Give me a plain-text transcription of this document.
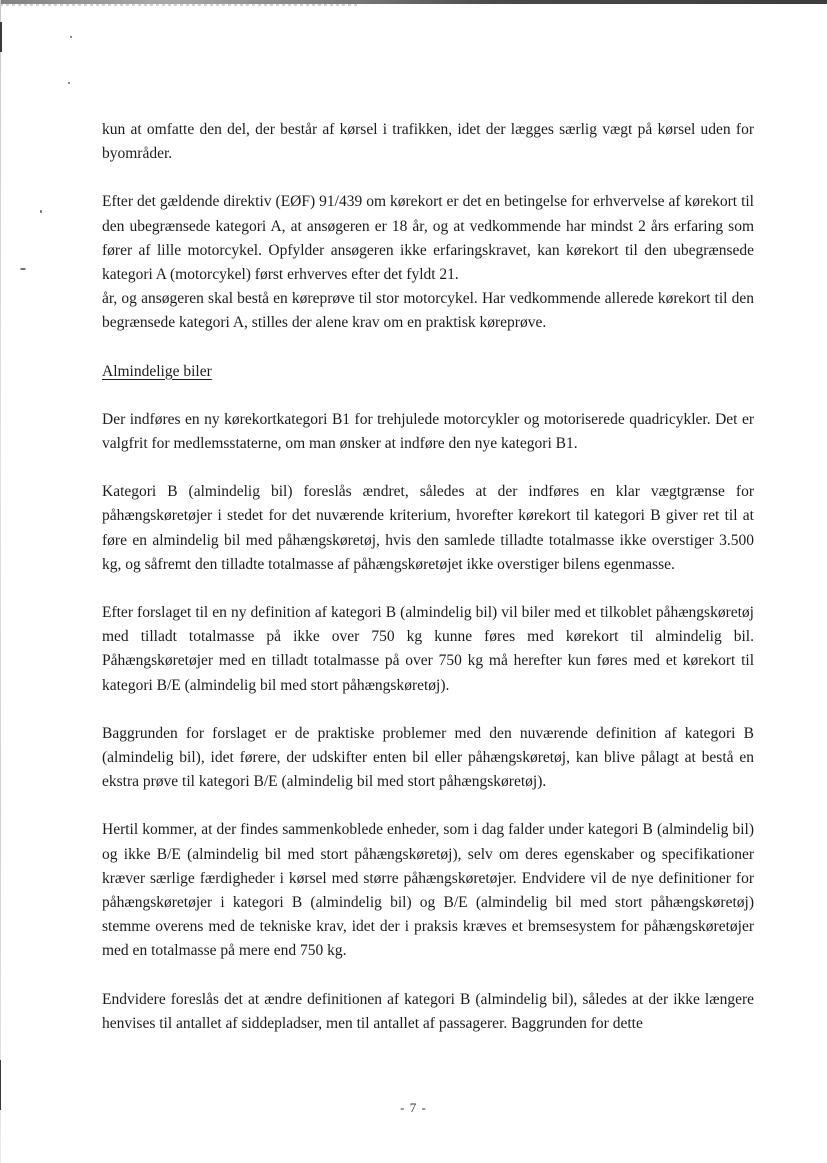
kun at omfatte den del, der består af kørsel i trafikken, idet der lægges særlig vægt på kørsel uden for byområder.

Efter det gældende direktiv (EØF) 91/439 om kørekort er det en betingelse for erhvervelse af kørekort til den ubegrænsede kategori A, at ansøgeren er 18 år, og at vedkommende har mindst 2 års erfaring som fører af lille motorcykel. Opfylder ansøgeren ikke erfaringskravet, kan kørekort til den ubegrænsede kategori A (motorcykel) først erhverves efter det fyldt 21.

år, og ansøgeren skal bestå en køreprøve til stor motorcykel. Har vedkommende allerede kørekort til den begrænsede kategori A, stilles der alene krav om en praktisk køreprøve.

Almindelige biler

Der indføres en ny kørekortkategori B1 for trehjulede motorcykler og motoriserede quadricykler. Det er valgfrit for medlemsstaterne, om man ønsker at indføre den nye kategori B1.

Kategori B (almindelig bil) foreslås ændret, således at der indføres en klar vægtgrænse for påhængskøretøjer i stedet for det nuværende kriterium, hvorefter kørekort til kategori B giver ret til at føre en almindelig bil med påhængskøretøj, hvis den samlede tilladte totalmasse ikke overstiger 3.500 kg, og såfremt den tilladte totalmasse af påhængskøretøjet ikke overstiger bilens egenmasse.

Efter forslaget til en ny definition af kategori B (almindelig bil) vil biler med et tilkoblet påhængskøretøj med tilladt totalmasse på ikke over 750 kg kunne føres med kørekort til almindelig bil. Påhængskøretøjer med en tilladt totalmasse på over 750 kg må herefter kun føres med et kørekort til kategori B/E (almindelig bil med stort påhængskøretøj).

Baggrunden for forslaget er de praktiske problemer med den nuværende definition af kategori B (almindelig bil), idet førere, der udskifter enten bil eller påhængskøretøj, kan blive pålagt at bestå en ekstra prøve til kategori B/E (almindelig bil med stort påhængskøretøj).

Hertil kommer, at der findes sammenkoblede enheder, som i dag falder under kategori B (almindelig bil) og ikke B/E (almindelig bil med stort påhængskøretøj), selv om deres egenskaber og specifikationer kræver særlige færdigheder i kørsel med større påhængskøretøjer. Endvidere vil de nye definitioner for påhængskøretøjer i kategori B (almindelig bil) og B/E (almindelig bil med stort påhængskøretøj) stemme overens med de tekniske krav, idet der i praksis kræves et bremsesystem for påhængskøretøjer med en totalmasse på mere end 750 kg.

Endvidere foreslås det at ændre definitionen af kategori B (almindelig bil), således at der ikke længere henvises til antallet af siddepladser, men til antallet af passagerer. Baggrunden for dette

- 7 -
